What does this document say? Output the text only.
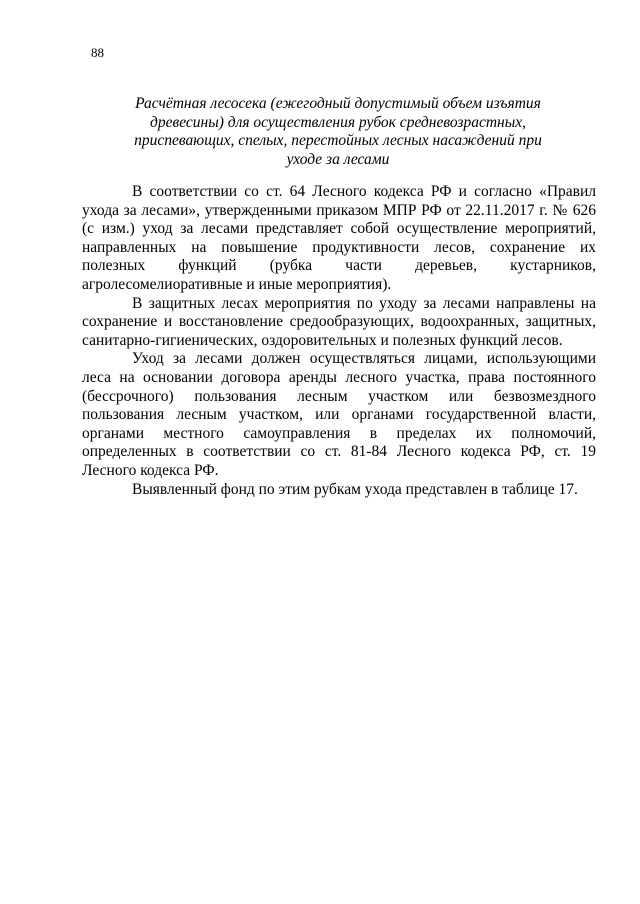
88
Расчётная лесосека (ежегодный допустимый объем изъятия
древесины) для осуществления рубок средневозрастных,
приспевающих, спелых, перестойных лесных насаждений при
уходе за лесами

В соответствии со ст. 64 Лесного кодекса РФ и согласно «Правил ухода за лесами», утвержденными приказом МПР РФ от 22.11.2017 г. № 626 (с изм.) уход за лесами представляет собой осуществление мероприятий, направленных на повышение продуктивности лесов, сохранение их полезных функций (рубка части деревьев, кустарников, агролесомелиоративные и иные мероприятия).

В защитных лесах мероприятия по уходу за лесами направлены на сохранение и восстановление средообразующих, водоохранных, защитных, санитарно-гигиенических, оздоровительных и полезных функций лесов.

Уход за лесами должен осуществляться лицами, использующими леса на основании договора аренды лесного участка, права постоянного (бессрочного) пользования лесным участком или безвозмездного пользования лесным участком, или органами государственной власти, органами местного самоуправления в пределах их полномочий, определенных в соответствии со ст. 81-84 Лесного кодекса РФ, ст. 19 Лесного кодекса РФ.

Выявленный фонд по этим рубкам ухода представлен в таблице 17.
